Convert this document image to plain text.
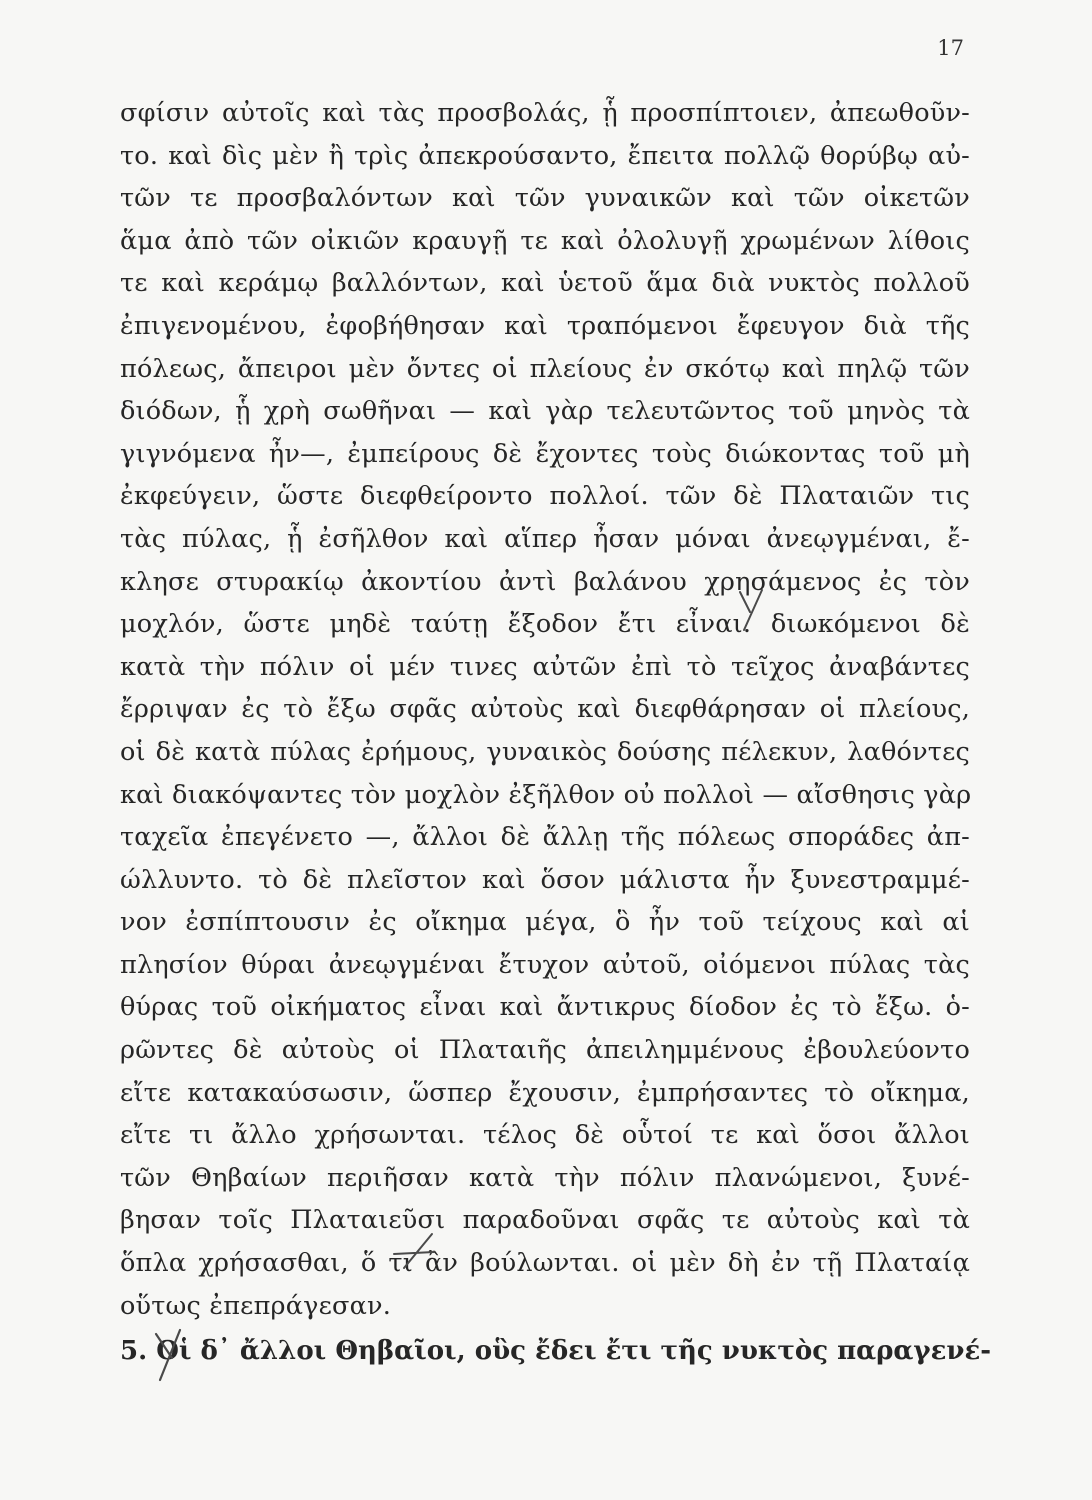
17
σφίσιν αὐτοῖς καὶ τὰς προσβολάς, ᾗ προσπίπτοιεν, ἀπεωθοῦν-
το. καὶ δὶς μὲν ἢ τρὶς ἀπεκρούσαντο, ἔπειτα πολλῷ θορύβῳ αὐ-
τῶν τε προσβαλόντων καὶ τῶν γυναικῶν καὶ τῶν οἰκετῶν
ἅμα ἀπὸ τῶν οἰκιῶν κραυγῇ τε καὶ ὀλολυγῇ χρωμένων λίθοις
τε καὶ κεράμῳ βαλλόντων, καὶ ὑετοῦ ἅμα διὰ νυκτὸς πολλοῦ
ἐπιγενομένου, ἐφοβήθησαν καὶ τραπόμενοι ἔφευγον διὰ τῆς
πόλεως, ἄπειροι μὲν ὄντες οἱ πλείους ἐν σκότῳ καὶ πηλῷ τῶν
διόδων, ᾗ χρὴ σωθῆναι — καὶ γὰρ τελευτῶντος τοῦ μηνὸς τὰ
γιγνόμενα ἦν—, ἐμπείρους δὲ ἔχοντες τοὺς διώκοντας τοῦ μὴ
ἐκφεύγειν, ὥστε διεφθείροντο πολλοί. τῶν δὲ Πλαταιῶν τις
τὰς πύλας, ᾗ ἐσῆλθον καὶ αἵπερ ἦσαν μόναι ἀνεῳγμέναι, ἔ-
κλησε στυρακίῳ ἀκοντίου ἀντὶ βαλάνου χρησάμενος ἐς τὸν
μοχλόν, ὥστε μηδὲ ταύτῃ ἔξοδον ἔτι εἶναι. διωκόμενοι δὲ
κατὰ τὴν πόλιν οἱ μέν τινες αὐτῶν ἐπὶ τὸ τεῖχος ἀναβάντες
ἔρριψαν ἐς τὸ ἔξω σφᾶς αὐτοὺς καὶ διεφθάρησαν οἱ πλείους,
οἱ δὲ κατὰ πύλας ἐρήμους, γυναικὸς δούσης πέλεκυν, λαθόντες
καὶ διακόψαντες τὸν μοχλὸν ἐξῆλθον οὐ πολλοὶ — αἴσθησις γὰρ
ταχεῖα ἐπεγένετο —, ἄλλοι δὲ ἄλλῃ τῆς πόλεως σποράδες ἀπ-
ώλλυντο. τὸ δὲ πλεῖστον καὶ ὅσον μάλιστα ἦν ξυνεστραμμέ-
νον ἐσπίπτουσιν ἐς οἴκημα μέγα, ὃ ἦν τοῦ τείχους καὶ αἱ
πλησίον θύραι ἀνεῳγμέναι ἔτυχον αὐτοῦ, οἰόμενοι πύλας τὰς
θύρας τοῦ οἰκήματος εἶναι καὶ ἄντικρυς δίοδον ἐς τὸ ἔξω. ὁ-
ρῶντες δὲ αὐτοὺς οἱ Πλαταιῆς ἀπειλημμένους ἐβουλεύοντο
εἴτε κατακαύσωσιν, ὥσπερ ἔχουσιν, ἐμπρήσαντες τὸ οἴκημα,
εἴτε τι ἄλλο χρήσωνται. τέλος δὲ οὗτοί τε καὶ ὅσοι ἄλλοι
τῶν Θηβαίων περιῆσαν κατὰ τὴν πόλιν πλανώμενοι, ξυνέ-
βησαν τοῖς Πλαταιεῦσι παραδοῦναι σφᾶς τε αὐτοὺς καὶ τὰ
ὅπλα χρήσασθαι, ὅ τι ἂν βούλωνται. οἱ μὲν δὴ ἐν τῇ Πλαταίᾳ
οὕτως ἐπεπράγεσαν.
5. Οἱ δ᾽ ἄλλοι Θηβαῖοι, οὓς ἔδει ἔτι τῆς νυκτὸς παραγενέ-
